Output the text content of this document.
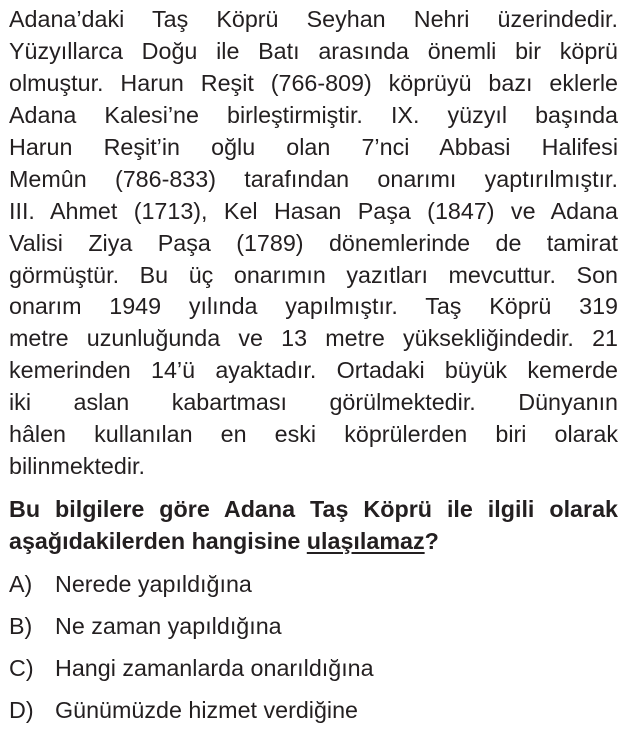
Adana’daki Taş Köprü Seyhan Nehri üzerindedir.
Yüzyıllarca Doğu ile Batı arasında önemli bir köprü
olmuştur. Harun Reşit (766-809) köprüyü bazı eklerle
Adana Kalesi’ne birleştirmiştir. IX. yüzyıl başında
Harun Reşit’in oğlu olan 7’nci Abbasi Halifesi
Memûn (786-833) tarafından onarımı yaptırılmıştır.
III. Ahmet (1713), Kel Hasan Paşa (1847) ve Adana
Valisi Ziya Paşa (1789) dönemlerinde de tamirat
görmüştür. Bu üç onarımın yazıtları mevcuttur. Son
onarım 1949 yılında yapılmıştır. Taş Köprü 319
metre uzunluğunda ve 13 metre yüksekliğindedir. 21
kemerinden 14’ü ayaktadır. Ortadaki büyük kemerde
iki aslan kabartması görülmektedir. Dünyanın
hâlen kullanılan en eski köprülerden biri olarak
bilinmektedir.
Bu bilgilere göre Adana Taş Köprü ile ilgili olarak
aşağıdakilerden hangisine ulaşılamaz?
A) Nerede yapıldığına
B) Ne zaman yapıldığına
C) Hangi zamanlarda onarıldığına
D) Günümüzde hizmet verdiğine
